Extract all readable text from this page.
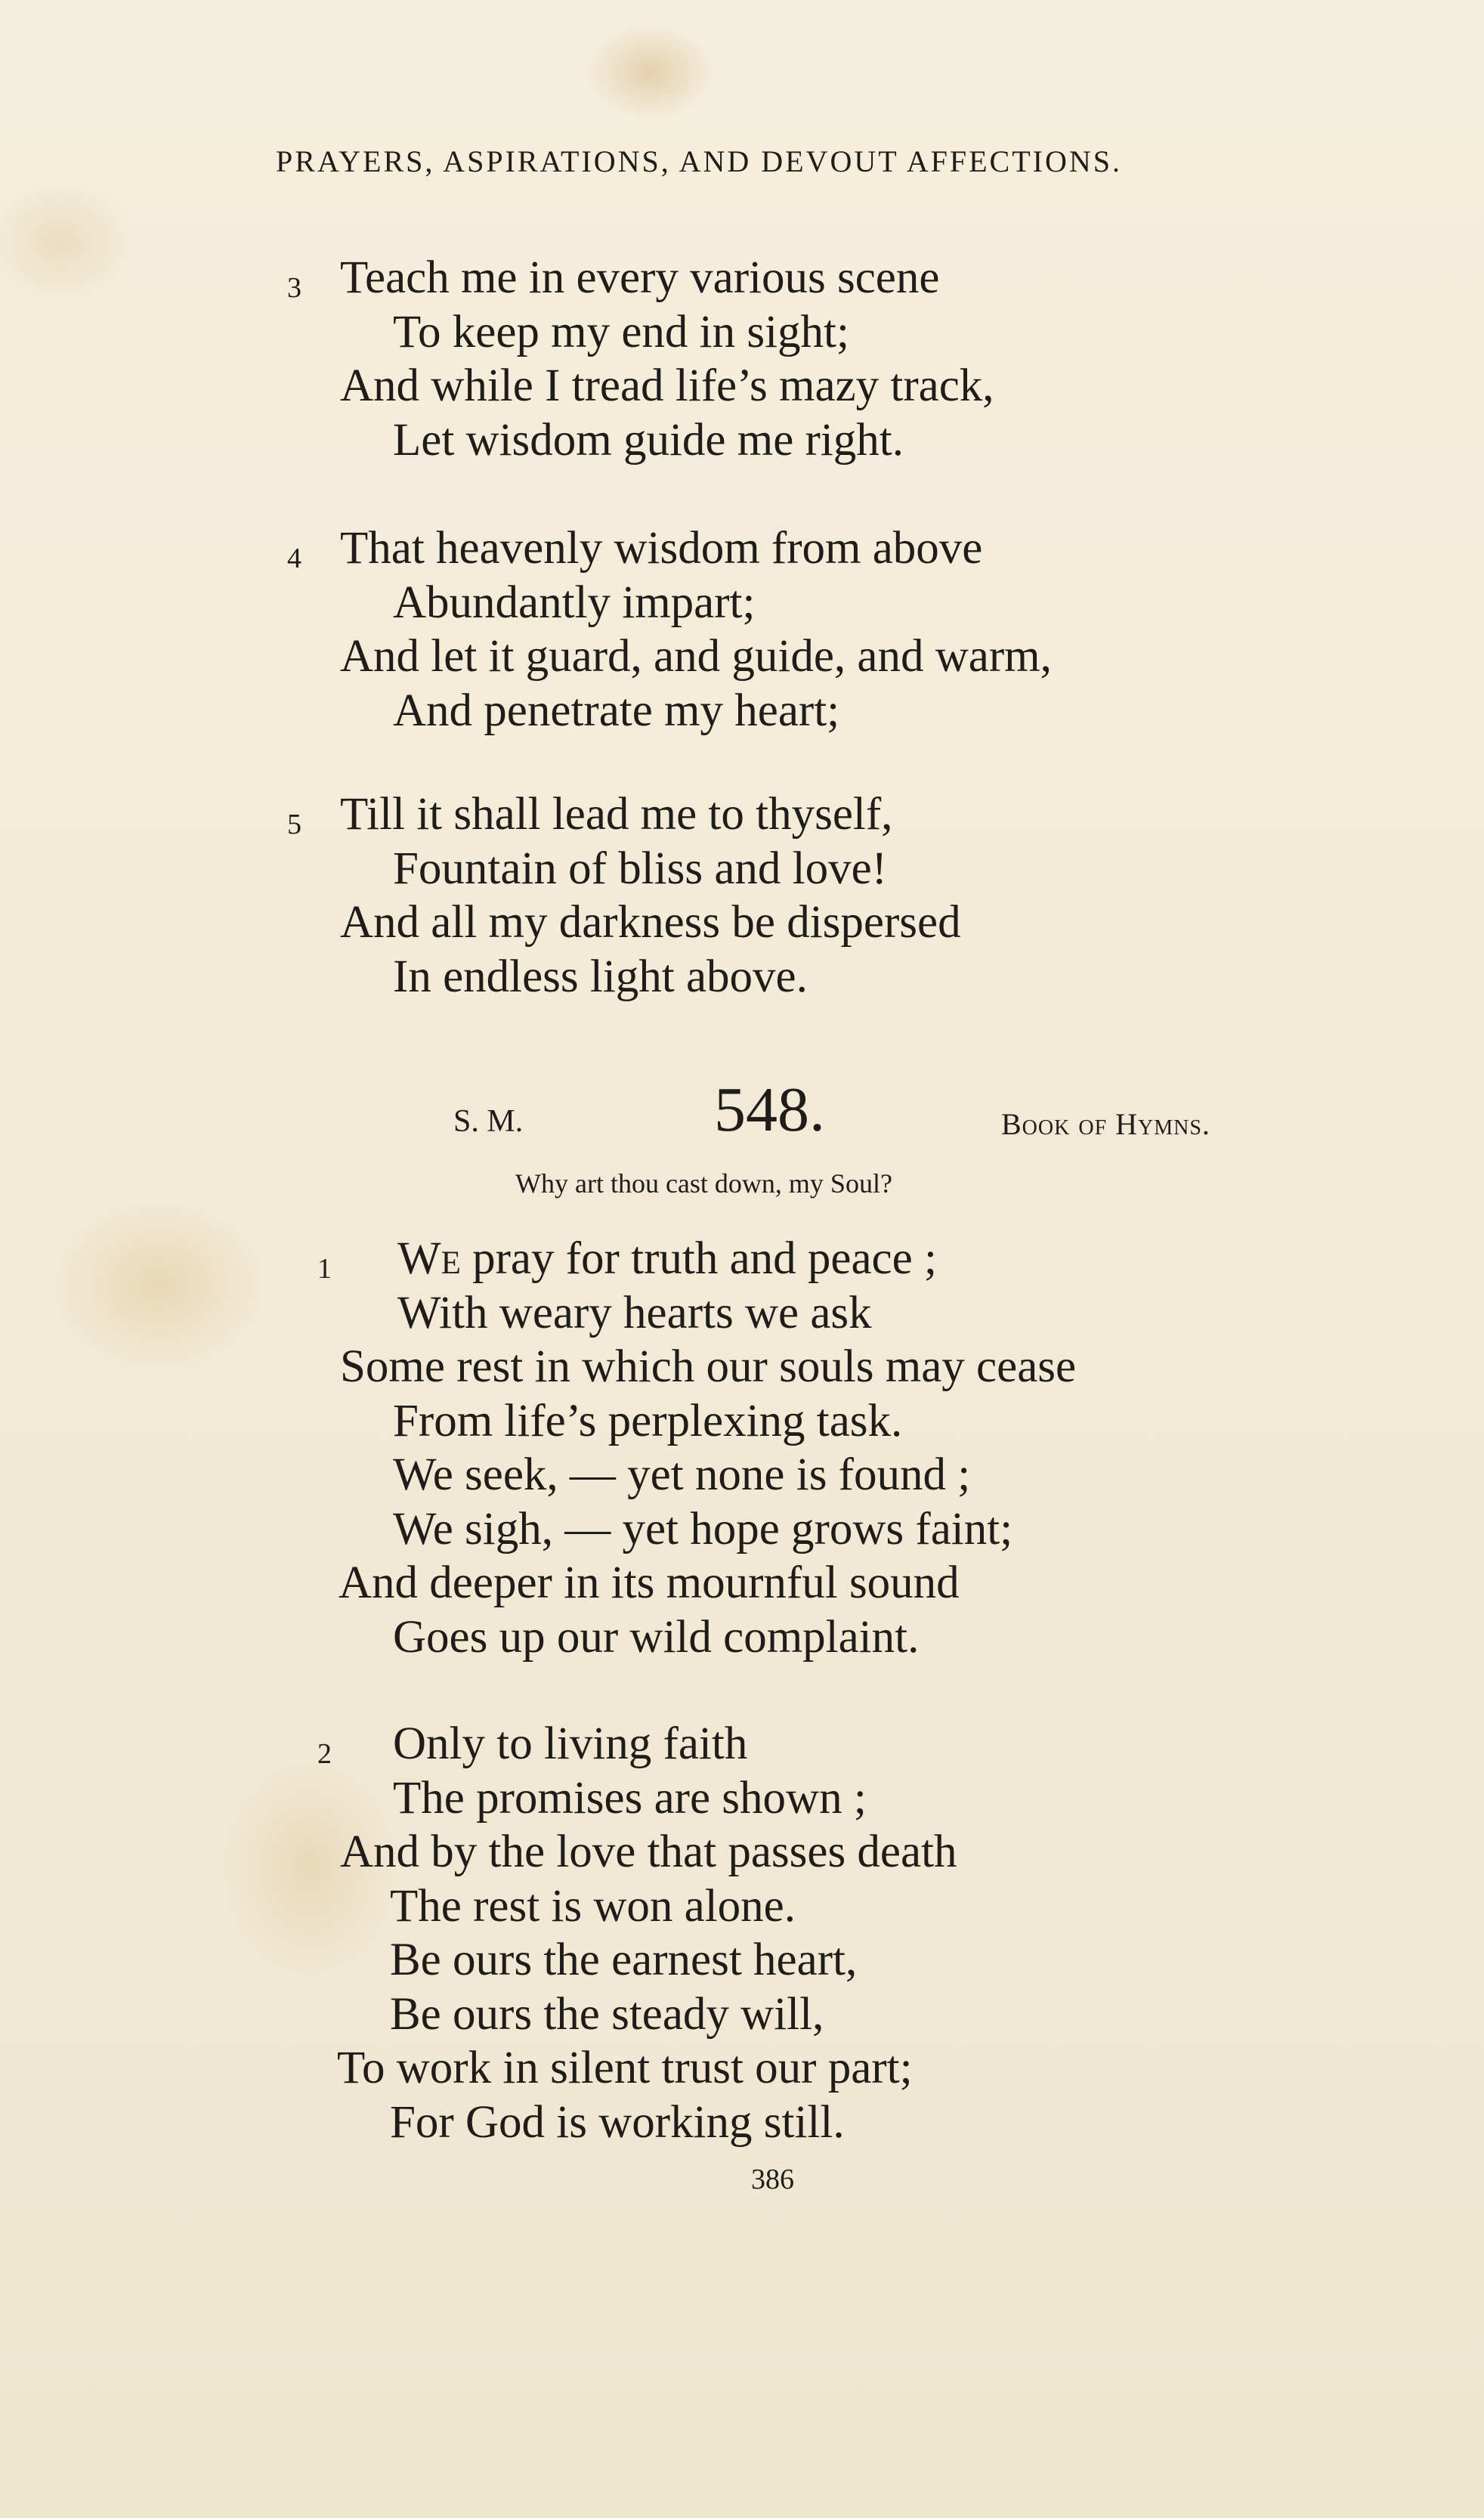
PRAYERS, ASPIRATIONS, AND DEVOUT AFFECTIONS.
3 Teach me in every various scene
To keep my end in sight;
And while I tread life’s mazy track,
Let wisdom guide me right.
4 That heavenly wisdom from above
Abundantly impart;
And let it guard, and guide, and warm,
And penetrate my heart;
5 Till it shall lead me to thyself,
Fountain of bliss and love!
And all my darkness be dispersed
In endless light above.
S. M.	548.	Book of Hymns.
Why art thou cast down, my Soul?
1	We pray for truth and peace ;
With weary hearts we ask
Some rest in which our souls may cease
From life’s perplexing task.
We seek, — yet none is found ;
We sigh, — yet hope grows faint;
And deeper in its mournful sound
Goes up our wild complaint.
2	Only to living faith
The promises are shown ;
And by the love that passes death
The rest is won alone.
Be ours the earnest heart,
Be ours the steady will,
To work in silent trust our part;
For God is working still.
386
